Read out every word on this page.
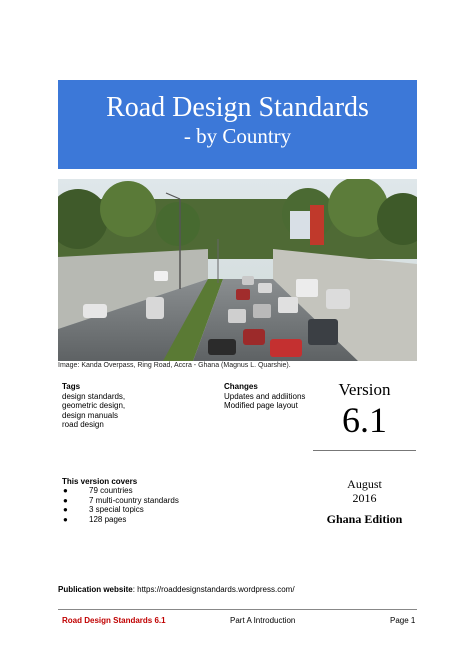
Road Design Standards
- by Country
Image: Kanda Overpass, Ring Road, Accra - Ghana (Magnus L. Quarshie).
Tags
design standards,
geometric design,
design manuals
road design
Changes
Updates and addiitions
Modified page layout
Version
6.1
August
2016
Ghana Edition
This version covers
●	79 countries
●	7 multi-country standards
●	3 special topics
●	128 pages
Publication website: https://roaddesignstandards.wordpress.com/
Road Design Standards 6.1	Part A Introduction	Page 1
